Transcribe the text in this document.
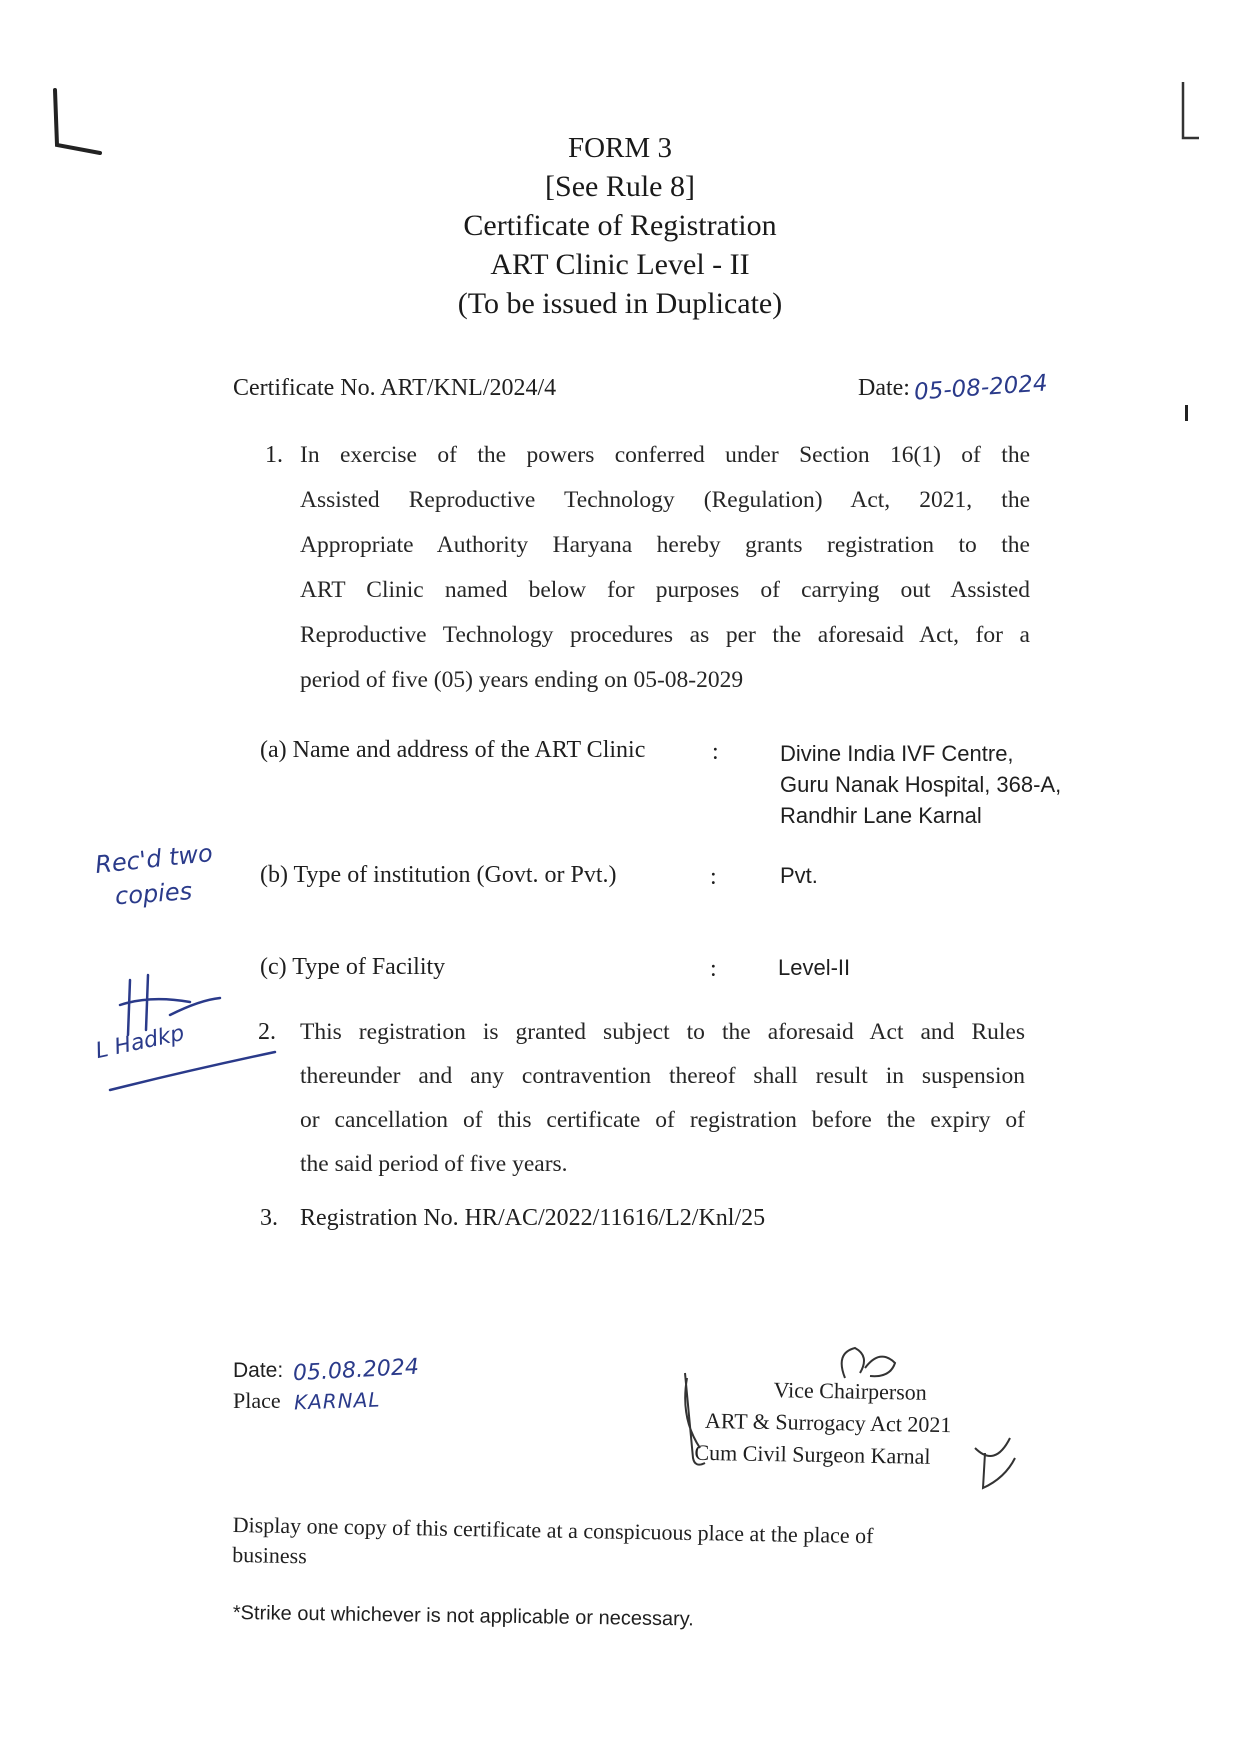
FORM 3
[See Rule 8]
Certificate of Registration
ART Clinic Level - II
(To be issued in Duplicate)
Certificate No. ART/KNL/2024/4	Date: 05-08-2024
1. In exercise of the powers conferred under Section 16(1) of the
Assisted Reproductive Technology (Regulation) Act, 2021, the
Appropriate Authority Haryana hereby grants registration to the
ART Clinic named below for purposes of carrying out Assisted
Reproductive Technology procedures as per the aforesaid Act, for a
period of five (05) years ending on 05-08-2029
(a) Name and address of the ART Clinic	:	Divine India IVF Centre,
Guru Nanak Hospital, 368-A,
Randhir Lane Karnal
(b) Type of institution (Govt. or Pvt.)	:	Pvt.
(c) Type of Facility	:	Level-II
2. This registration is granted subject to the aforesaid Act and Rules
thereunder and any contravention thereof shall result in suspension
or cancellation of this certificate of registration before the expiry of
the said period of five years.
3. Registration No. HR/AC/2022/11616/L2/Knl/25
Rec'd two
copies
L Hadkp
Date: 05.08.2024
Place KARNAL	Vice Chairperson
ART & Surrogacy Act 2021
Cum Civil Surgeon Karnal
Display one copy of this certificate at a conspicuous place at the place of
business
*Strike out whichever is not applicable or necessary.
